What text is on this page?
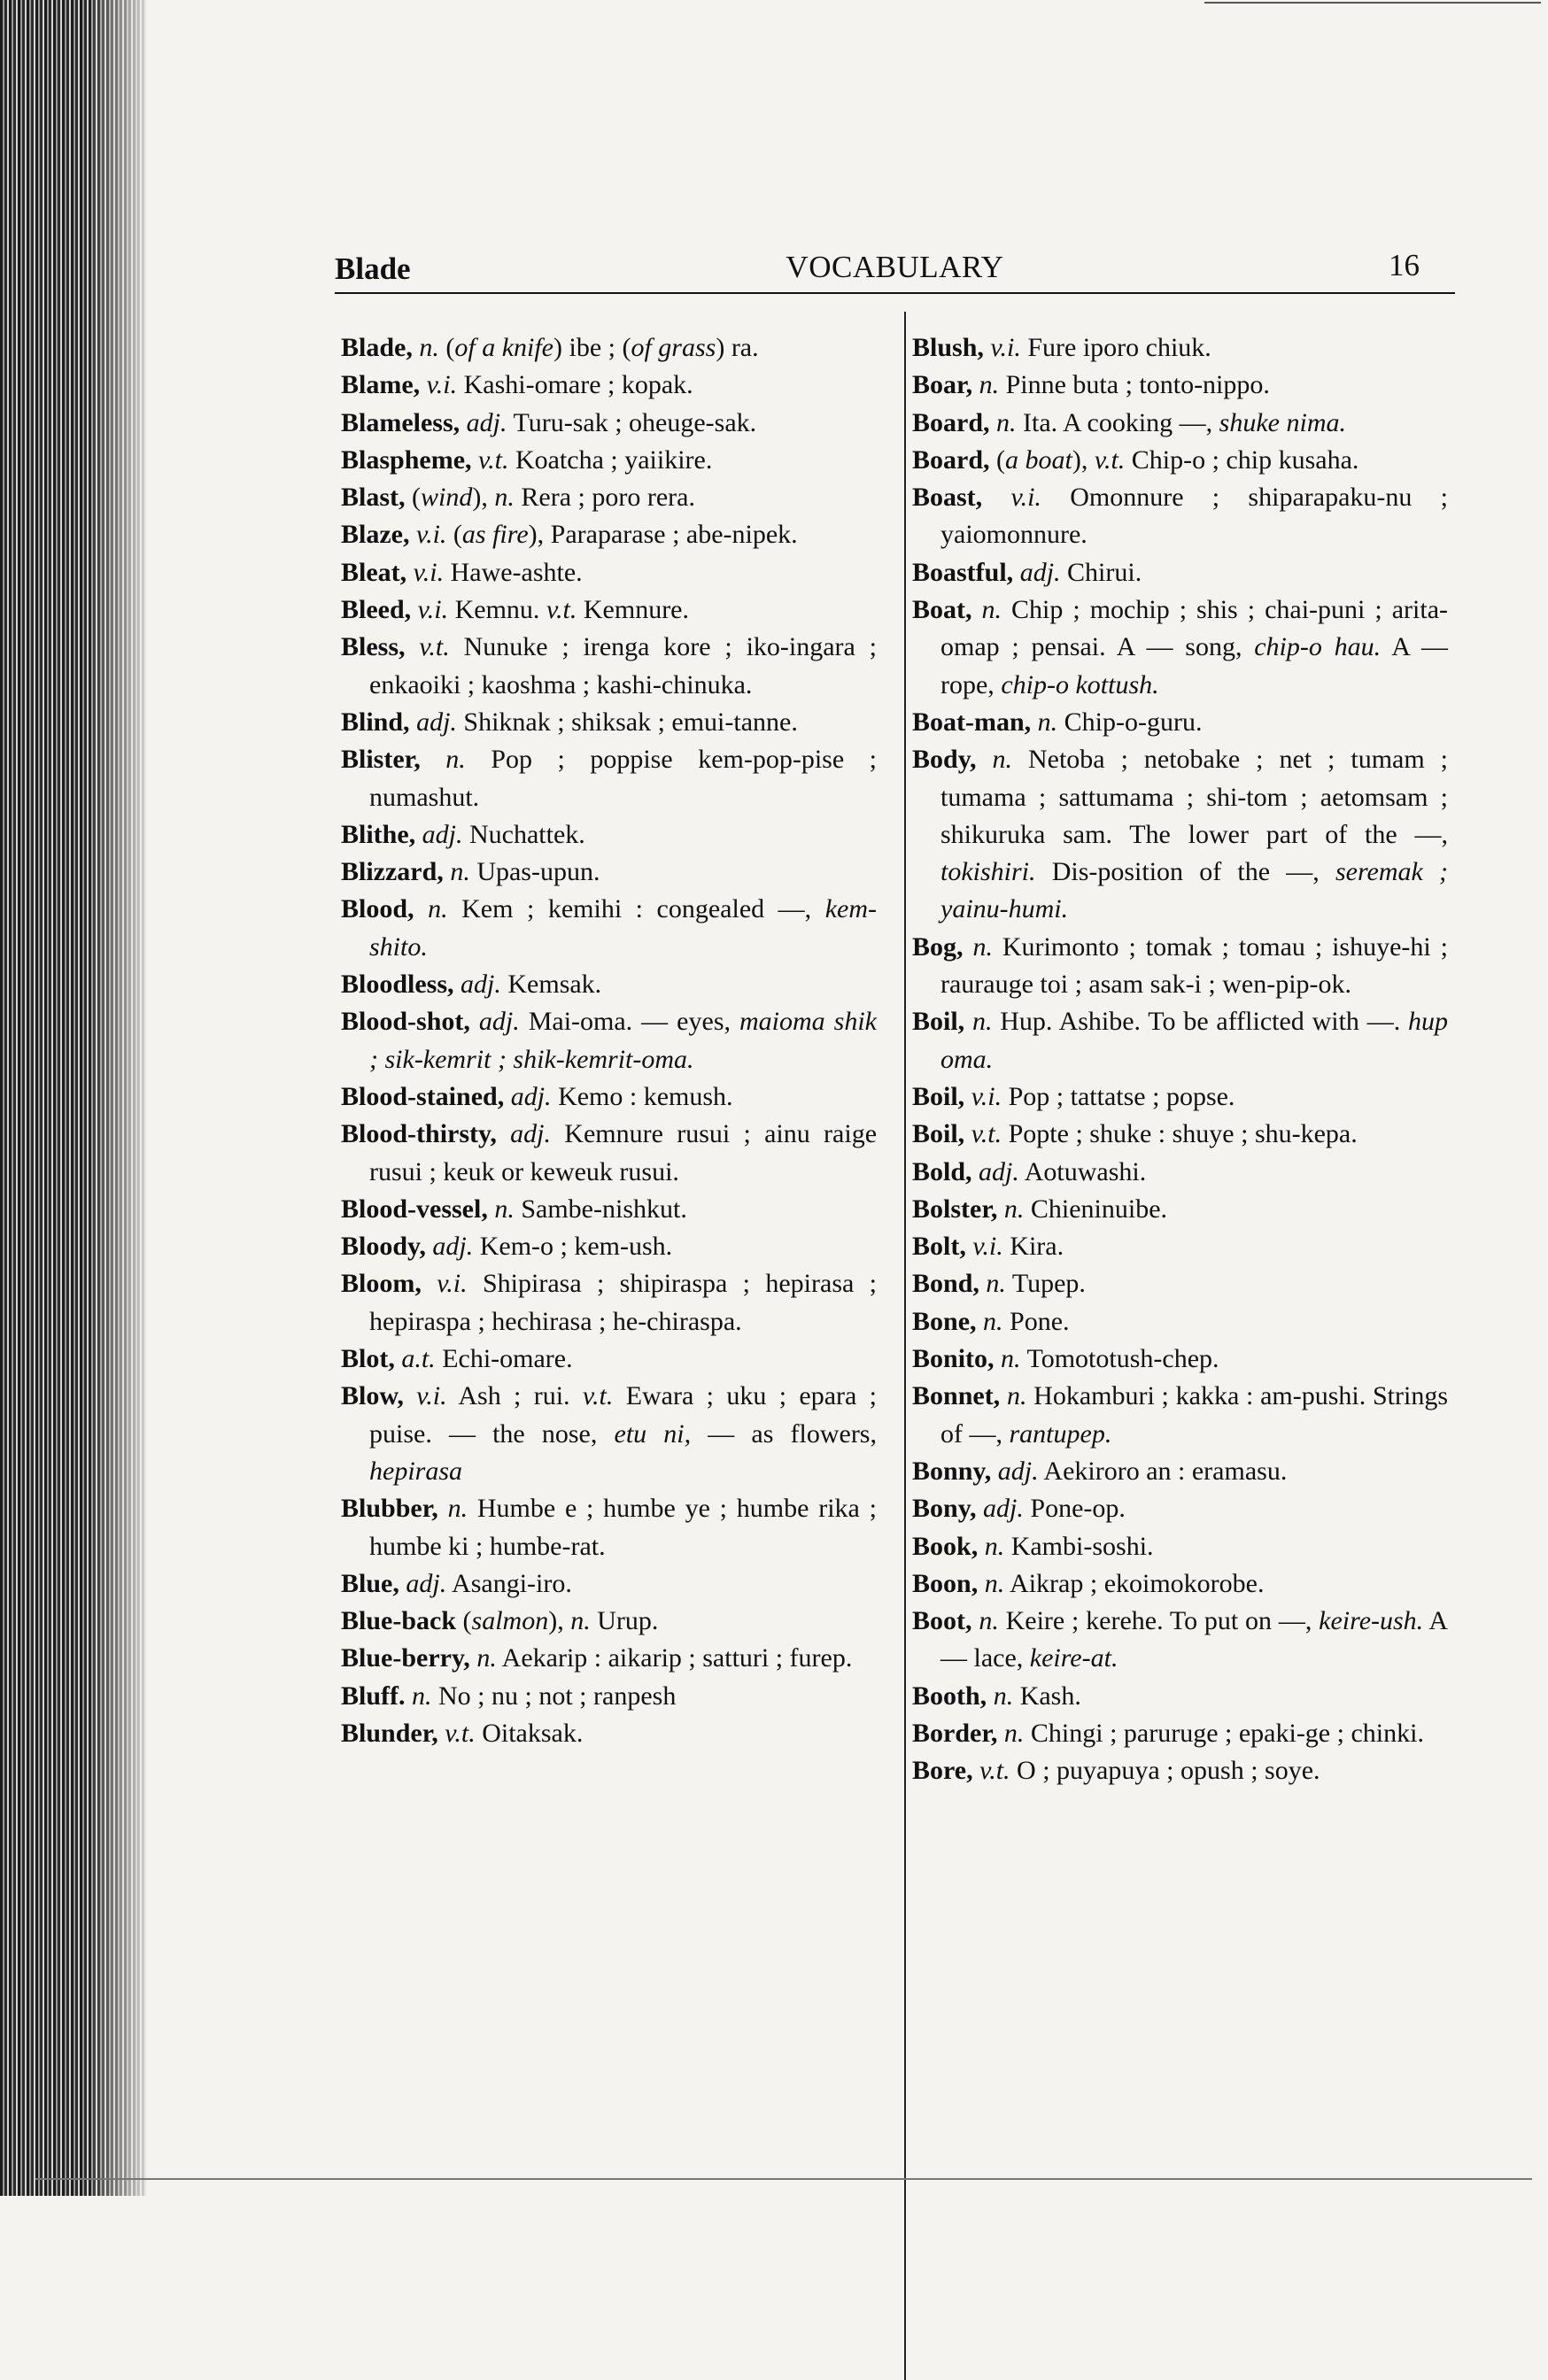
Blade	VOCABULARY	16
Blade, n. (of a knife) ibe ; (of grass) ra.
Blame, v.i. Kashi-omare ; kopak.
Blameless, adj. Turu-sak ; oheuge-sak.
Blaspheme, v.t. Koatcha ; yaiikire.
Blast, (wind), n. Rera ; poro rera.
Blaze, v.i. (as fire), Paraparase ; abe-nipek.
Bleat, v.i. Hawe-ashte.
Bleed, v.i. Kemnu. v.t. Kemnure.
Bless, v.t. Nunuke ; irenga kore ; iko-ingara ; enkaoiki ; kaoshma ; kashi-chinuka.
Blind, adj. Shiknak ; shiksak ; emui-tanne.
Blister, n. Pop ; poppise kem-pop-pise ; numashut.
Blithe, adj. Nuchattek.
Blizzard, n. Upas-upun.
Blood, n. Kem ; kemihi : congealed —, kem-shito.
Bloodless, adj. Kemsak.
Blood-shot, adj. Mai-oma. — eyes, maioma shik ; sik-kemrit ; shik-kemrit-oma.
Blood-stained, adj. Kemo : kemush.
Blood-thirsty, adj. Kemnure rusui ; ainu raige rusui ; keuk or keweuk rusui.
Blood-vessel, n. Sambe-nishkut.
Bloody, adj. Kem-o ; kem-ush.
Bloom, v.i. Shipirasa ; shipiraspa ; hepirasa ; hepiraspa ; hechirasa ; he-chiraspa.
Blot, a.t. Echi-omare.
Blow, v.i. Ash ; rui. v.t. Ewara ; uku ; epara ; puise. — the nose, etu ni, — as flowers, hepirasa
Blubber, n. Humbe e ; humbe ye ; humbe rika ; humbe ki ; humbe-rat.
Blue, adj. Asangi-iro.
Blue-back (salmon), n. Urup.
Blue-berry, n. Aekarip : aikarip ; satturi ; furep.
Bluff. n. No ; nu ; not ; ranpesh
Blunder, v.t. Oitaksak.
Blush, v.i. Fure iporo chiuk.
Boar, n. Pinne buta ; tonto-nippo.
Board, n. Ita. A cooking —, shuke nima.
Board, (a boat), v.t. Chip-o ; chip kusaha.
Boast, v.i. Omonnure ; shiparapaku-nu ; yaiomonnure.
Boastful, adj. Chirui.
Boat, n. Chip ; mochip ; shis ; chai-puni ; arita-omap ; pensai. A — song, chip-o hau. A — rope, chip-o kottush.
Boat-man, n. Chip-o-guru.
Body, n. Netoba ; netobake ; net ; tumam ; tumama ; sattumama ; shi-tom ; aetomsam ; shikuruka sam. The lower part of the —, tokishiri. Dis-position of the —, seremak ; yainu-humi.
Bog, n. Kurimonto ; tomak ; tomau ; ishuye-hi ; raurauge toi ; asam sak-i ; wen-pip-ok.
Boil, n. Hup. Ashibe. To be afflicted with —. hup oma.
Boil, v.i. Pop ; tattatse ; popse.
Boil, v.t. Popte ; shuke : shuye ; shu-kepa.
Bold, adj. Aotuwashi.
Bolster, n. Chieninuibe.
Bolt, v.i. Kira.
Bond, n. Tupep.
Bone, n. Pone.
Bonito, n. Tomototush-chep.
Bonnet, n. Hokamburi ; kakka : am-pushi. Strings of —, rantupep.
Bonny, adj. Aekiroro an : eramasu.
Bony, adj. Pone-op.
Book, n. Kambi-soshi.
Boon, n. Aikrap ; ekoimokorobe.
Boot, n. Keire ; kerehe. To put on —, keire-ush. A — lace, keire-at.
Booth, n. Kash.
Border, n. Chingi ; paruruge ; epaki-ge ; chinki.
Bore, v.t. O ; puyapuya ; opush ; soye.
